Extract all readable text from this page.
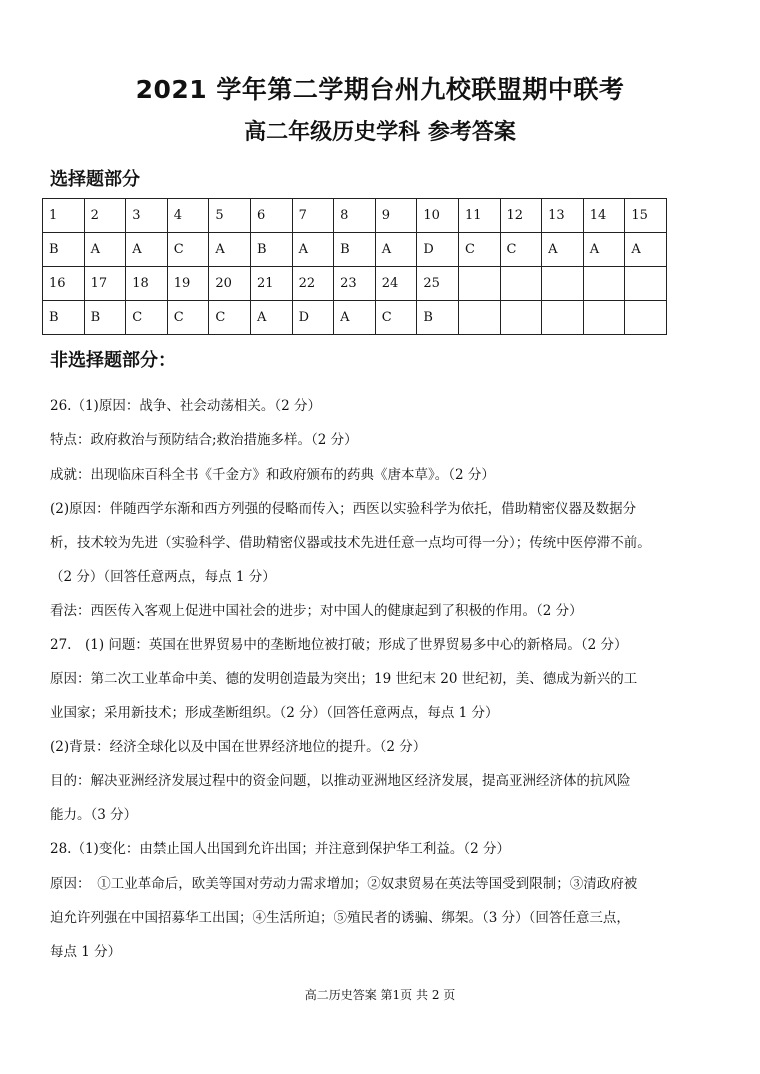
2021 学年第二学期台州九校联盟期中联考
高二年级历史学科 参考答案
选择题部分
1	2	3	4	5	6	7	8	9	10	11	12	13	14	15
B	A	A	C	A	B	A	B	A	D	C	C	A	A	A
16	17	18	19	20	21	22	23	24	25					
B	B	C	C	C	A	D	A	C	B					
非选择题部分：
26.（1)原因：战争、社会动荡相关。（2 分）
特点：政府救治与预防结合;救治措施多样。（2 分）
成就：出现临床百科全书《千金方》和政府颁布的药典《唐本草》。（2 分）
(2)原因：伴随西学东渐和西方列强的侵略而传入；西医以实验科学为依托，借助精密仪器及数据分
析，技术较为先进（实验科学、借助精密仪器或技术先进任意一点均可得一分）；传统中医停滞不前。
（2 分）（回答任意两点，每点 1 分）
看法：西医传入客观上促进中国社会的进步；对中国人的健康起到了积极的作用。（2 分）
27.　(1) 问题：英国在世界贸易中的垄断地位被打破；形成了世界贸易多中心的新格局。（2 分）
原因：第二次工业革命中美、德的发明创造最为突出；19 世纪末 20 世纪初，美、德成为新兴的工
业国家；采用新技术；形成垄断组织。（2 分）（回答任意两点，每点 1 分）
(2)背景：经济全球化以及中国在世界经济地位的提升。（2 分）
目的：解决亚洲经济发展过程中的资金问题，以推动亚洲地区经济发展，提高亚洲经济体的抗风险
能力。（3 分）
28.（1)变化：由禁止国人出国到允许出国；并注意到保护华工利益。（2 分）
原因：　①工业革命后，欧美等国对劳动力需求增加；②奴隶贸易在英法等国受到限制；③清政府被
迫允许列强在中国招募华工出国；④生活所迫；⑤殖民者的诱骗、绑架。（3 分）（回答任意三点，
每点 1 分）
高二历史答案 第1页 共 2 页
